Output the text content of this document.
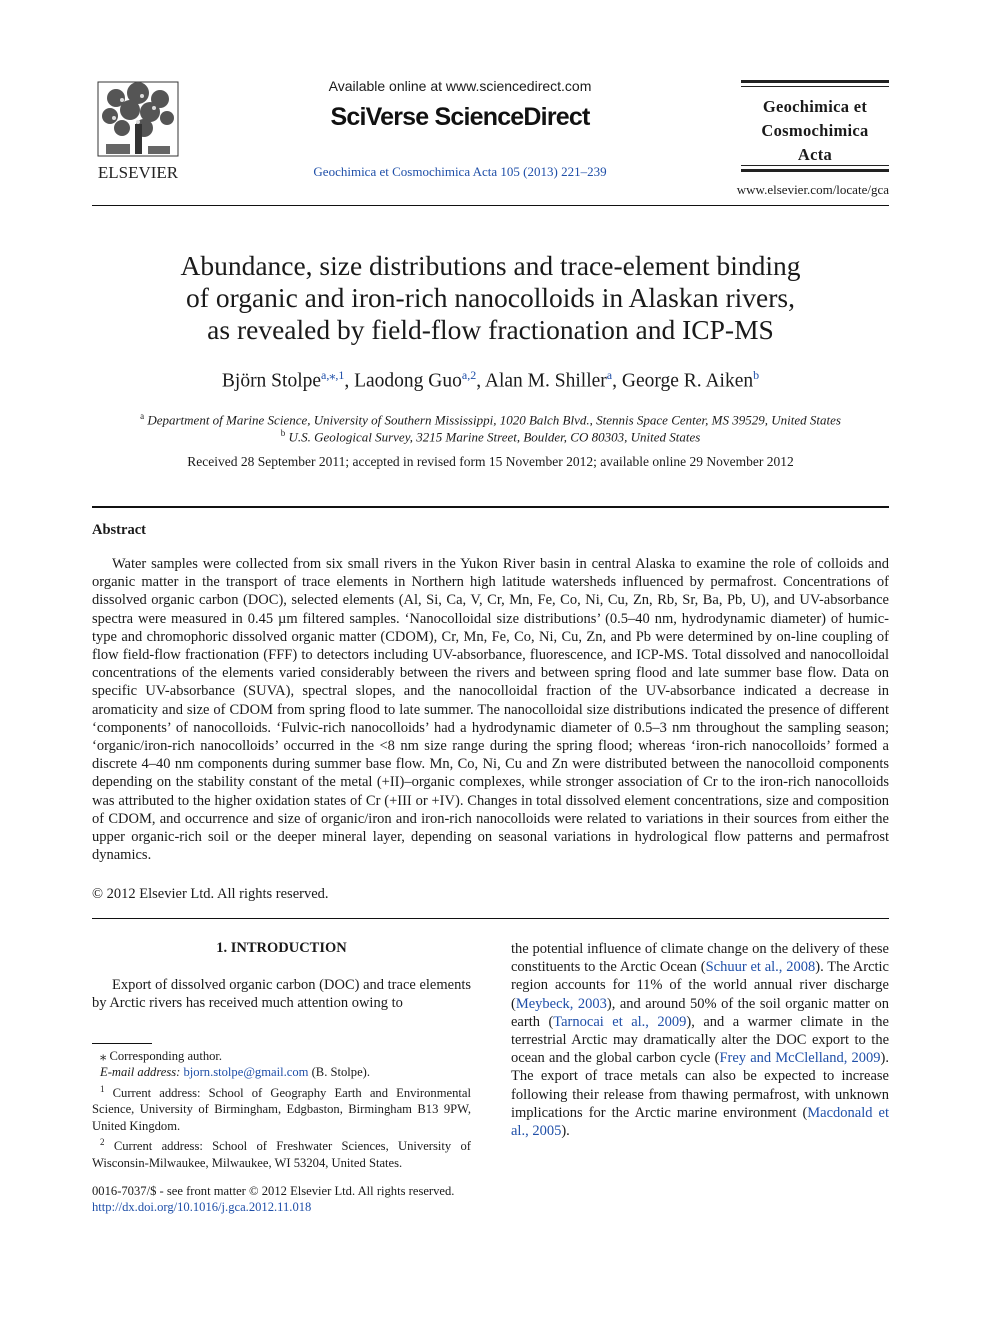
ELSEVIER
Available online at www.sciencedirect.com
SciVerse ScienceDirect
Geochimica et Cosmochimica Acta 105 (2013) 221–239
Geochimica et
Cosmochimica
Acta
www.elsevier.com/locate/gca
Abundance, size distributions and trace-element binding
of organic and iron-rich nanocolloids in Alaskan rivers,
as revealed by field-flow fractionation and ICP-MS
Björn Stolpe$^{a,⁎,1}$, Laodong Guo$^{a,2}$, Alan M. Shiller$^a$, George R. Aiken$^b$
$^a$ Department of Marine Science, University of Southern Mississippi, 1020 Balch Blvd., Stennis Space Center, MS 39529, United States
$^b$ U.S. Geological Survey, 3215 Marine Street, Boulder, CO 80303, United States
Received 28 September 2011; accepted in revised form 15 November 2012; available online 29 November 2012
Abstract

Water samples were collected from six small rivers in the Yukon River basin in central Alaska to examine the role of colloids and organic matter in the transport of trace elements in Northern high latitude watersheds influenced by permafrost. Concentrations of dissolved organic carbon (DOC), selected elements (Al, Si, Ca, V, Cr, Mn, Fe, Co, Ni, Cu, Zn, Rb, Sr, Ba, Pb, U), and UV-absorbance spectra were measured in 0.45 µm filtered samples. ‘Nanocolloidal size distributions’ (0.5–40 nm, hydrodynamic diameter) of humic-type and chromophoric dissolved organic matter (CDOM), Cr, Mn, Fe, Co, Ni, Cu, Zn, and Pb were determined by on-line coupling of flow field-flow fractionation (FFF) to detectors including UV-absorbance, fluorescence, and ICP-MS. Total dissolved and nanocolloidal concentrations of the elements varied considerably between the rivers and between spring flood and late summer base flow. Data on specific UV-absorbance (SUVA), spectral slopes, and the nanocolloidal fraction of the UV-absorbance indicated a decrease in aromaticity and size of CDOM from spring flood to late summer. The nanocolloidal size distributions indicated the presence of different ‘components’ of nanocolloids. ‘Fulvic-rich nanocolloids’ had a hydrodynamic diameter of 0.5–3 nm throughout the sampling season; ‘organic/iron-rich nanocolloids’ occurred in the <8 nm size range during the spring flood; whereas ‘iron-rich nanocolloids’ formed a discrete 4–40 nm components during summer base flow. Mn, Co, Ni, Cu and Zn were distributed between the nanocolloid components depending on the stability constant of the metal (+II)–organic complexes, while stronger association of Cr to the iron-rich nanocolloids was attributed to the higher oxidation states of Cr (+III or +IV). Changes in total dissolved element concentrations, size and composition of CDOM, and occurrence and size of organic/iron and iron-rich nanocolloids were related to variations in their sources from either the upper organic-rich soil or the deeper mineral layer, depending on seasonal variations in hydrological flow patterns and permafrost dynamics.

© 2012 Elsevier Ltd. All rights reserved.
1. INTRODUCTION
Export of dissolved organic carbon (DOC) and trace elements by Arctic rivers has received much attention owing to
the potential influence of climate change on the delivery of these constituents to the Arctic Ocean (Schuur et al., 2008). The Arctic region accounts for 11% of the world annual river discharge (Meybeck, 2003), and around 50% of the soil organic matter on earth (Tarnocai et al., 2009), and a warmer climate in the terrestrial Arctic may dramatically alter the DOC export to the ocean and the global carbon cycle (Frey and McClelland, 2009). The export of trace metals can also be expected to increase following their release from thawing permafrost, with unknown implications for the Arctic marine environment (Macdonald et al., 2005).
⁎ Corresponding author.
E-mail address: bjorn.stolpe@gmail.com (B. Stolpe).
$^1$ Current address: School of Geography Earth and Environmental Science, University of Birmingham, Edgbaston, Birmingham B13 9PW, United Kingdom.
$^2$ Current address: School of Freshwater Sciences, University of Wisconsin-Milwaukee, Milwaukee, WI 53204, United States.
0016-7037/$ - see front matter © 2012 Elsevier Ltd. All rights reserved.
http://dx.doi.org/10.1016/j.gca.2012.11.018
